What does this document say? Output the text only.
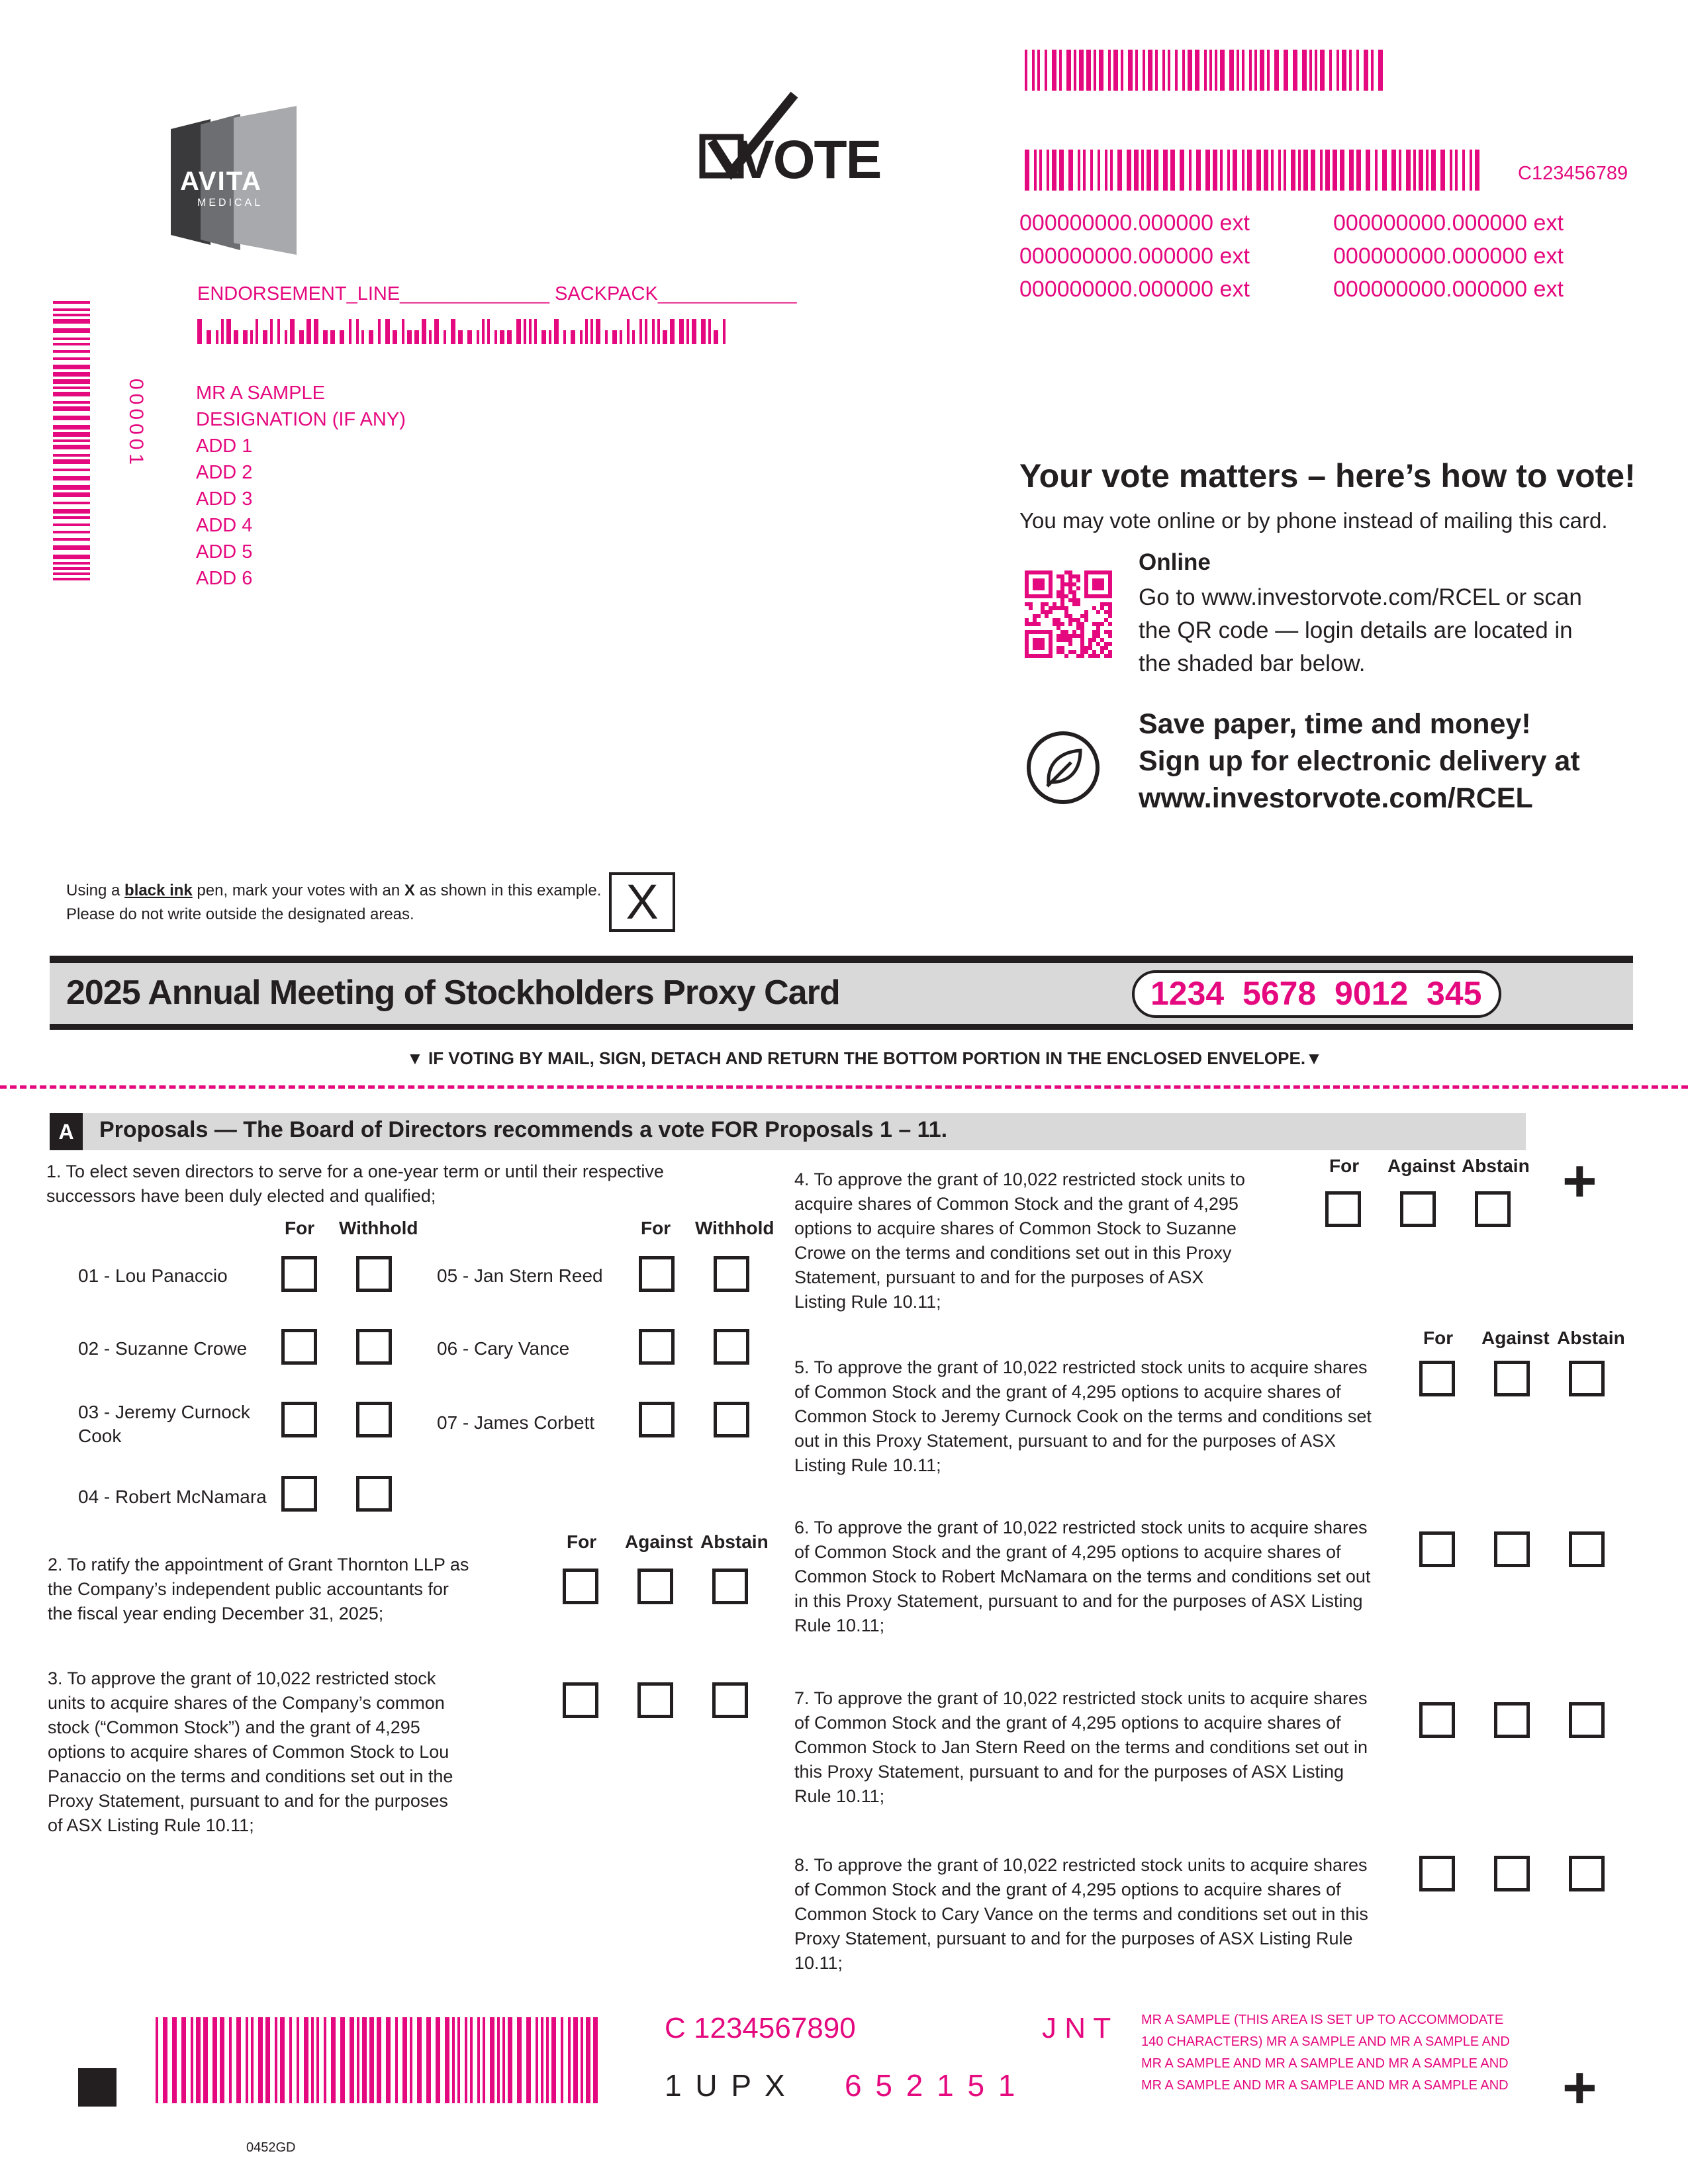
AVITA
MEDICAL
VOTE	C123456789
000000000.000000 ext
000000000.000000 ext
000000000.000000 ext
000000000.000000 ext
000000000.000000 ext
000000000.000000 ext
ENDORSEMENT_LINE______________ SACKPACK_____________
000001	MR A SAMPLE
DESIGNATION (IF ANY)
ADD 1
ADD 2
ADD 3
ADD 4
ADD 5
ADD 6
Your vote matters – here’s how to vote!
You may vote online or by phone instead of mailing this card.
Online
Go to www.investorvote.com/RCEL or scan
the QR code — login details are located in
the shaded bar below.
Save paper, time and money!
Sign up for electronic delivery at
www.investorvote.com/RCEL
Using a black ink pen, mark your votes with an X as shown in this example.
Please do not write outside the designated areas.	X
2025 Annual Meeting of Stockholders Proxy Card	1234  5678  9012  345
▼ IF VOTING BY MAIL, SIGN, DETACH AND RETURN THE BOTTOM PORTION IN THE ENCLOSED ENVELOPE.▼
A	Proposals — The Board of Directors recommends a vote FOR Proposals 1 – 11.
1. To elect seven directors to serve for a one-year term or until their respective
successors have been duly elected and qualified;
For Withhold	For Withhold
01 - Lou Panaccio
02 - Suzanne Crowe
03 - Jeremy Curnock
Cook
04 - Robert McNamara
05 - Jan Stern Reed
06 - Cary Vance
07 - James Corbett
For Against Abstain
2. To ratify the appointment of Grant Thornton LLP as
the Company’s independent public accountants for
the fiscal year ending December 31, 2025;
3. To approve the grant of 10,022 restricted stock
units to acquire shares of the Company’s common
stock (“Common Stock”) and the grant of 4,295
options to acquire shares of Common Stock to Lou
Panaccio on the terms and conditions set out in the
Proxy Statement, pursuant to and for the purposes
of ASX Listing Rule 10.11;
4. To approve the grant of 10,022 restricted stock units to
acquire shares of Common Stock and the grant of 4,295
options to acquire shares of Common Stock to Suzanne
Crowe on the terms and conditions set out in this Proxy
Statement, pursuant to and for the purposes of ASX
Listing Rule 10.11;
For Against Abstain +
For Against Abstain
5. To approve the grant of 10,022 restricted stock units to acquire shares
of Common Stock and the grant of 4,295 options to acquire shares of
Common Stock to Jeremy Curnock Cook on the terms and conditions set
out in this Proxy Statement, pursuant to and for the purposes of ASX
Listing Rule 10.11;
6. To approve the grant of 10,022 restricted stock units to acquire shares
of Common Stock and the grant of 4,295 options to acquire shares of
Common Stock to Robert McNamara on the terms and conditions set out
in this Proxy Statement, pursuant to and for the purposes of ASX Listing
Rule 10.11;
7. To approve the grant of 10,022 restricted stock units to acquire shares
of Common Stock and the grant of 4,295 options to acquire shares of
Common Stock to Jan Stern Reed on the terms and conditions set out in
this Proxy Statement, pursuant to and for the purposes of ASX Listing
Rule 10.11;
8. To approve the grant of 10,022 restricted stock units to acquire shares
of Common Stock and the grant of 4,295 options to acquire shares of
Common Stock to Cary Vance on the terms and conditions set out in this
Proxy Statement, pursuant to and for the purposes of ASX Listing Rule
10.11;
0452GD
C 1234567890	J N T
1 U P X 6 5 2 1 5 1
MR A SAMPLE (THIS AREA IS SET UP TO ACCOMMODATE
140 CHARACTERS) MR A SAMPLE AND MR A SAMPLE AND
MR A SAMPLE AND MR A SAMPLE AND MR A SAMPLE AND
MR A SAMPLE AND MR A SAMPLE AND MR A SAMPLE AND +
